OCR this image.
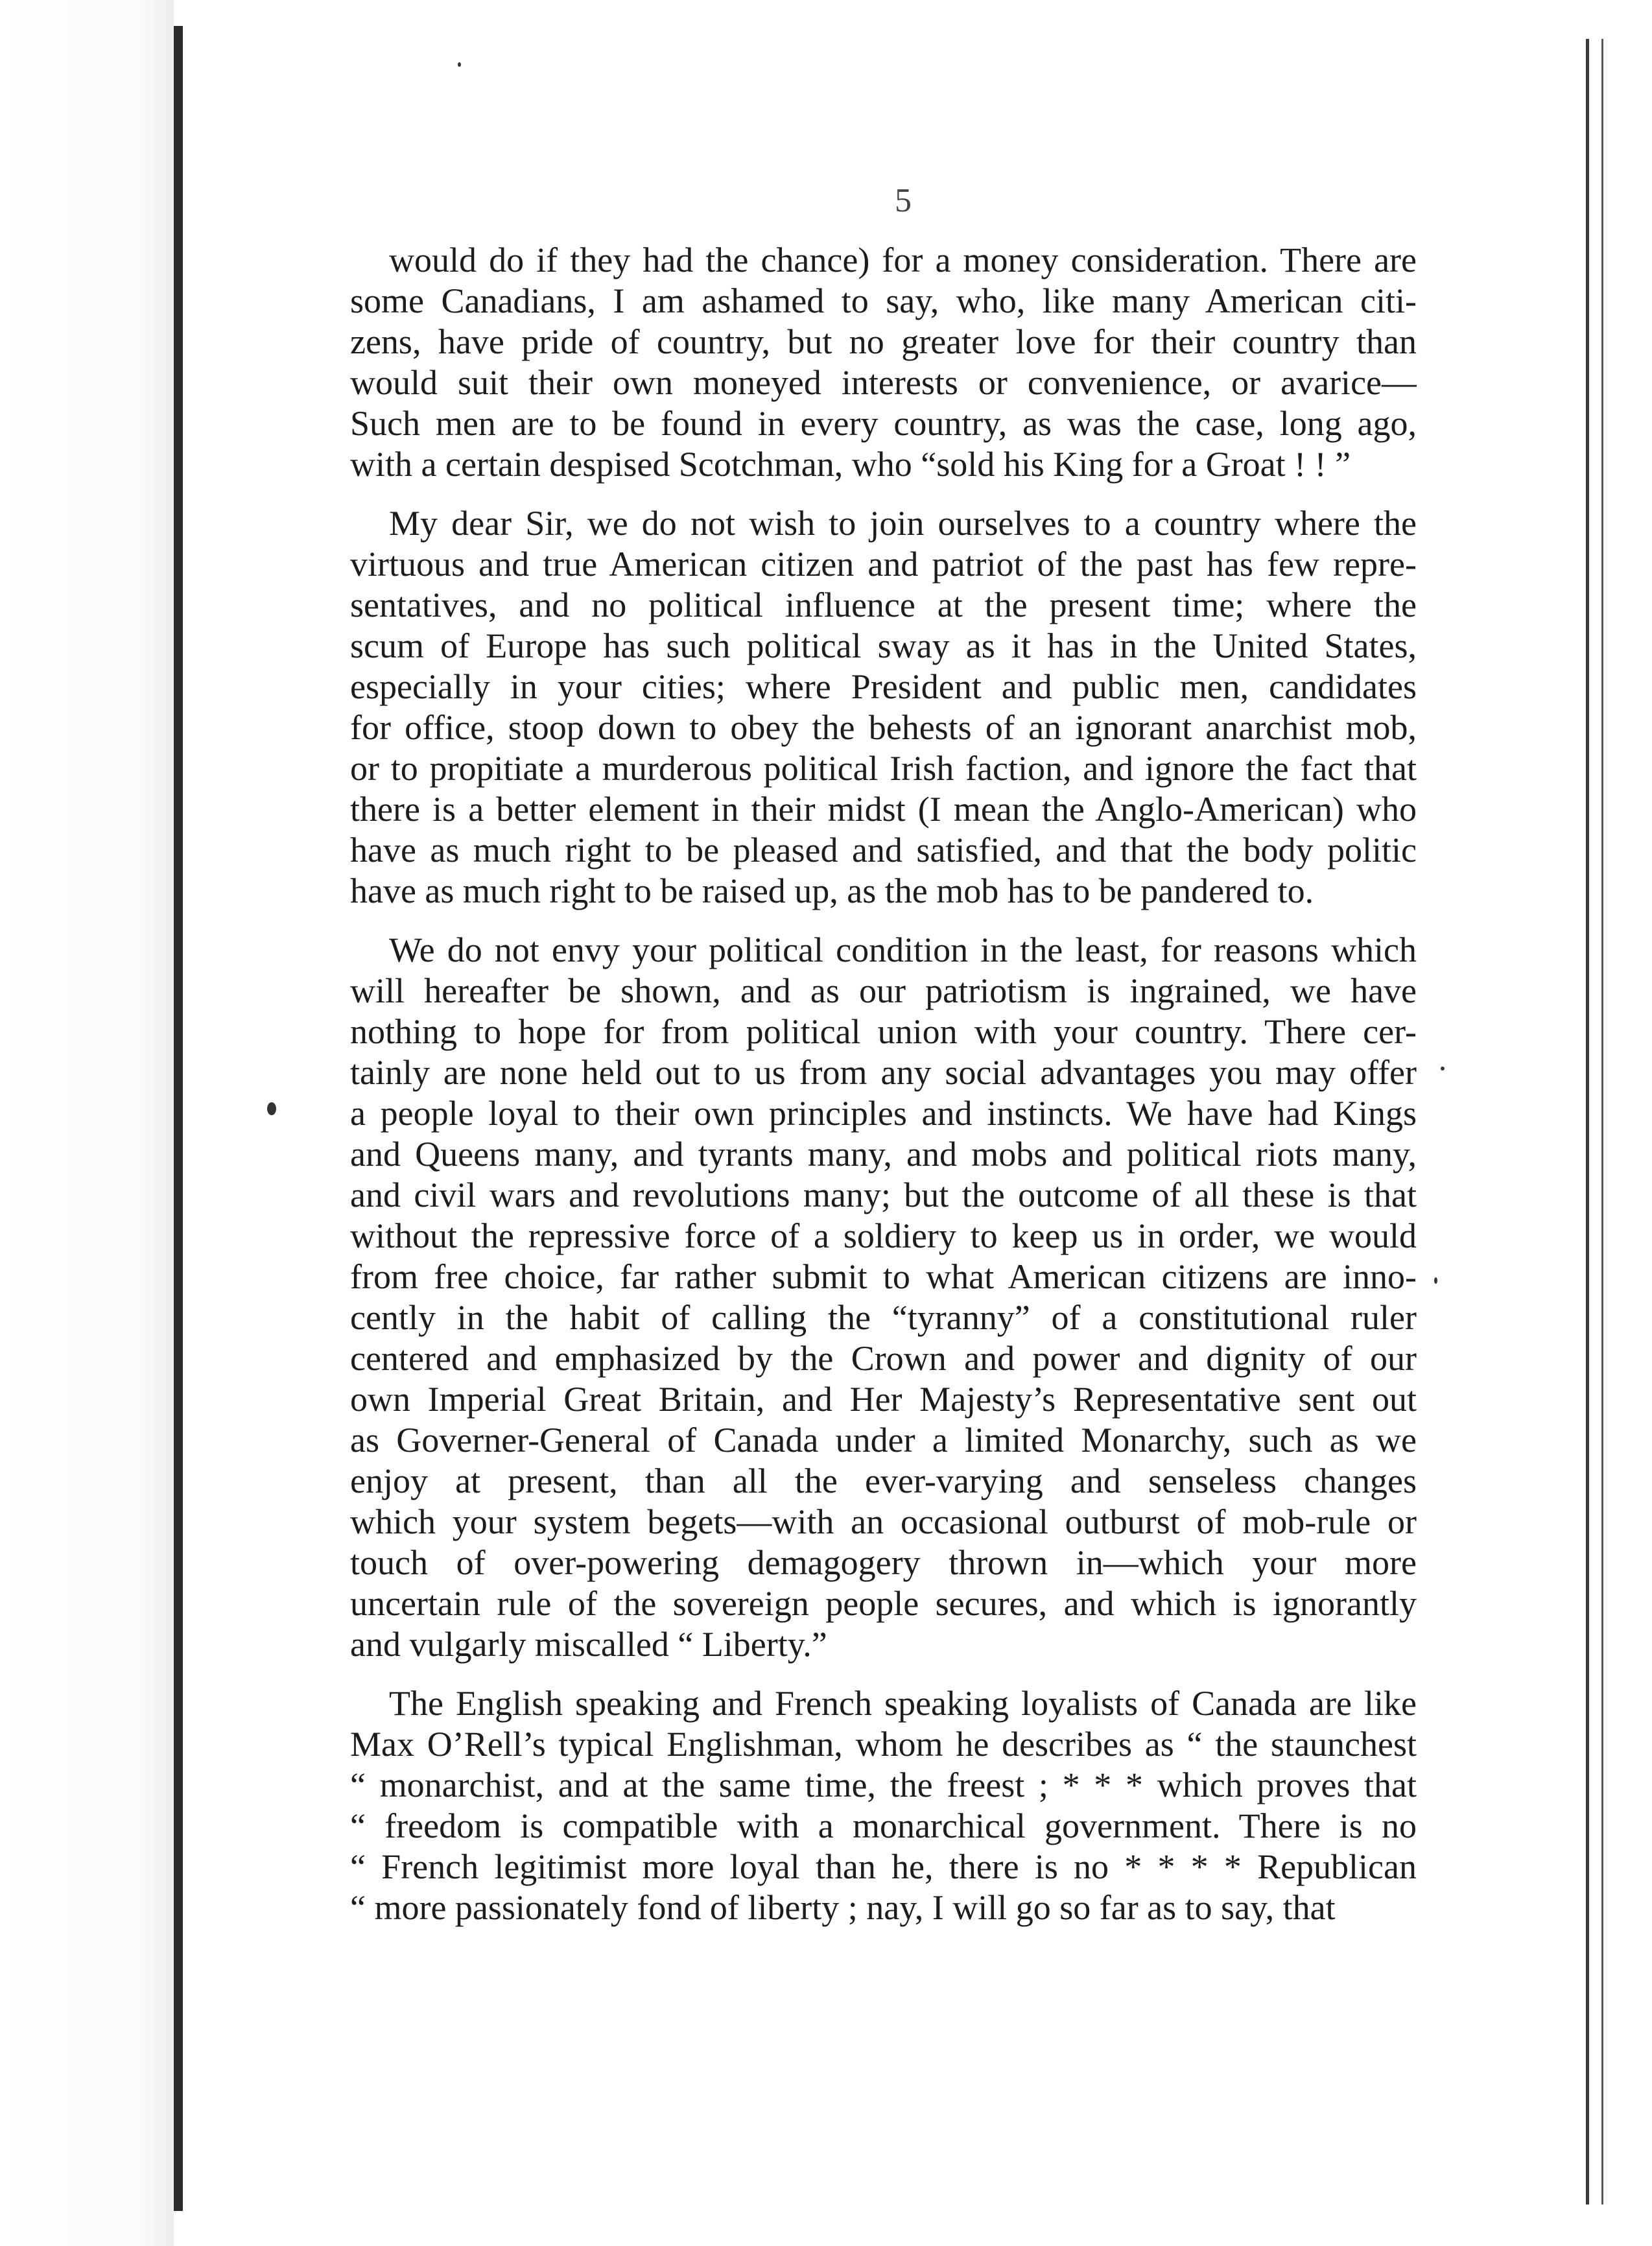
5
would do if they had the chance) for a money consideration. There are
some Canadians, I am ashamed to say, who, like many American citi-
zens, have pride of country, but no greater love for their country than
would suit their own moneyed interests or convenience, or avarice—
Such men are to be found in every country, as was the case, long ago,
with a certain despised Scotchman, who “sold his King for a Groat ! ! ”
My dear Sir, we do not wish to join ourselves to a country where the
virtuous and true American citizen and patriot of the past has few repre-
sentatives, and no political influence at the present time; where the
scum of Europe has such political sway as it has in the United States,
especially in your cities; where President and public men, candidates
for office, stoop down to obey the behests of an ignorant anarchist mob,
or to propitiate a murderous political Irish faction, and ignore the fact that
there is a better element in their midst (I mean the Anglo-American) who
have as much right to be pleased and satisfied, and that the body politic
have as much right to be raised up, as the mob has to be pandered to.
We do not envy your political condition in the least, for reasons which
will hereafter be shown, and as our patriotism is ingrained, we have
nothing to hope for from political union with your country. There cer-
tainly are none held out to us from any social advantages you may offer
a people loyal to their own principles and instincts. We have had Kings
and Queens many, and tyrants many, and mobs and political riots many,
and civil wars and revolutions many; but the outcome of all these is that
without the repressive force of a soldiery to keep us in order, we would
from free choice, far rather submit to what American citizens are inno-
cently in the habit of calling the “tyranny” of a constitutional ruler
centered and emphasized by the Crown and power and dignity of our
own Imperial Great Britain, and Her Majesty’s Representative sent out
as Governer-General of Canada under a limited Monarchy, such as we
enjoy at present, than all the ever-varying and senseless changes
which your system begets—with an occasional outburst of mob-rule or
touch of over-powering demagogery thrown in—which your more
uncertain rule of the sovereign people secures, and which is ignorantly
and vulgarly miscalled “ Liberty.”
The English speaking and French speaking loyalists of Canada are like
Max O’Rell’s typical Englishman, whom he describes as “ the staunchest
“ monarchist, and at the same time, the freest ; * * * which proves that
“ freedom is compatible with a monarchical government. There is no
“ French legitimist more loyal than he, there is no * * * * Republican
“ more passionately fond of liberty ; nay, I will go so far as to say, that
